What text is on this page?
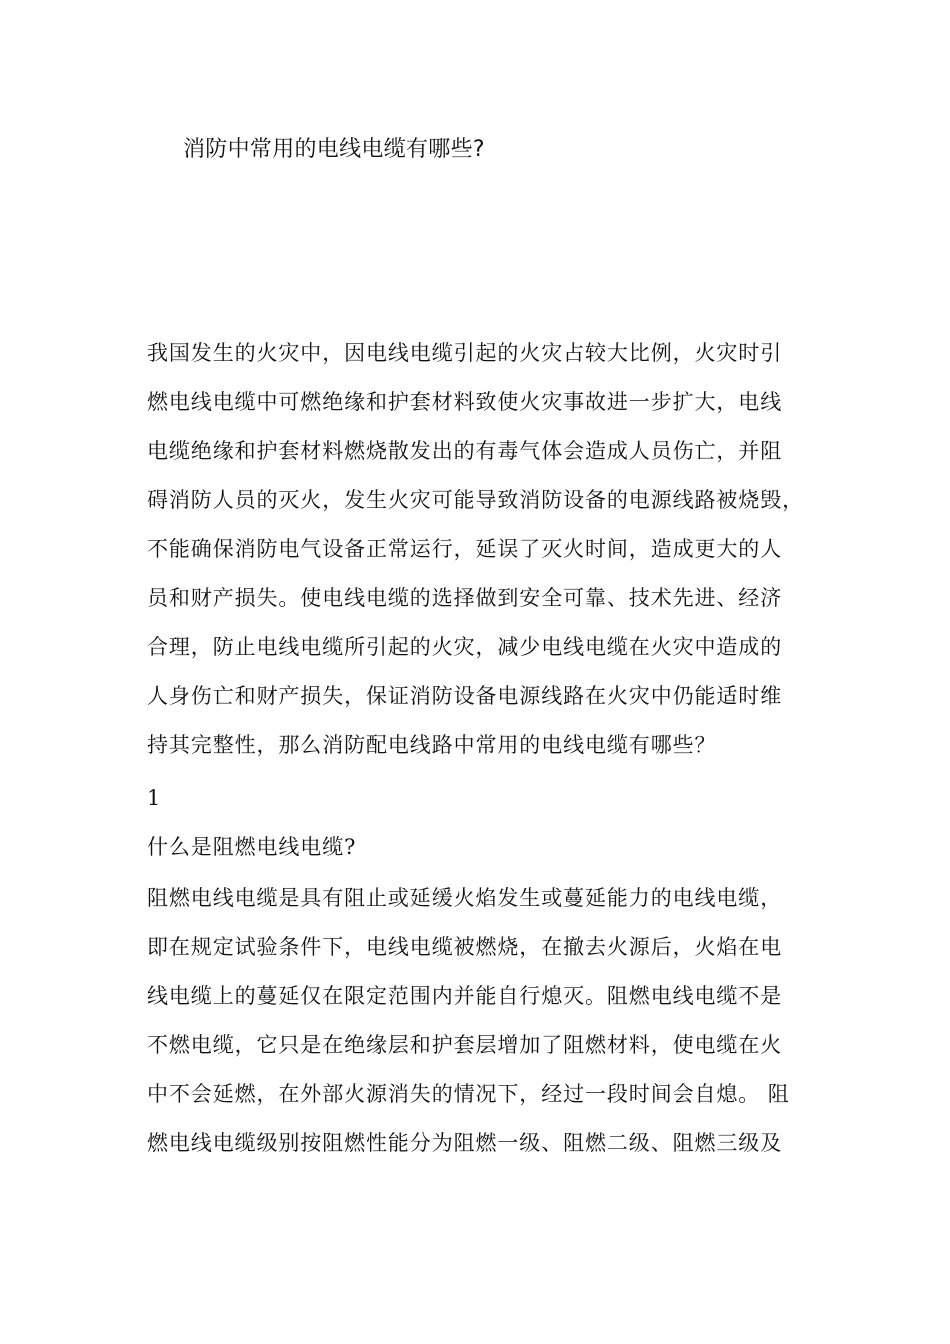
消防中常用的电线电缆有哪些?
我国发生的火灾中，因电线电缆引起的火灾占较大比例，火灾时引
燃电线电缆中可燃绝缘和护套材料致使火灾事故进一步扩大，电线
电缆绝缘和护套材料燃烧散发出的有毒气体会造成人员伤亡，并阻
碍消防人员的灭火，发生火灾可能导致消防设备的电源线路被烧毁，
不能确保消防电气设备正常运行，延误了灭火时间，造成更大的人
员和财产损失。使电线电缆的选择做到安全可靠、技术先进、经济
合理，防止电线电缆所引起的火灾，减少电线电缆在火灾中造成的
人身伤亡和财产损失，保证消防设备电源线路在火灾中仍能适时维
持其完整性，那么消防配电线路中常用的电线电缆有哪些？
1
什么是阻燃电线电缆?
阻燃电线电缆是具有阻止或延缓火焰发生或蔓延能力的电线电缆，
即在规定试验条件下，电线电缆被燃烧，在撤去火源后，火焰在电
线电缆上的蔓延仅在限定范围内并能自行熄灭。阻燃电线电缆不是
不燃电缆，它只是在绝缘层和护套层增加了阻燃材料，使电缆在火
中不会延燃，在外部火源消失的情况下，经过一段时间会自熄。 阻
燃电线电缆级别按阻燃性能分为阻燃一级、阻燃二级、阻燃三级及
